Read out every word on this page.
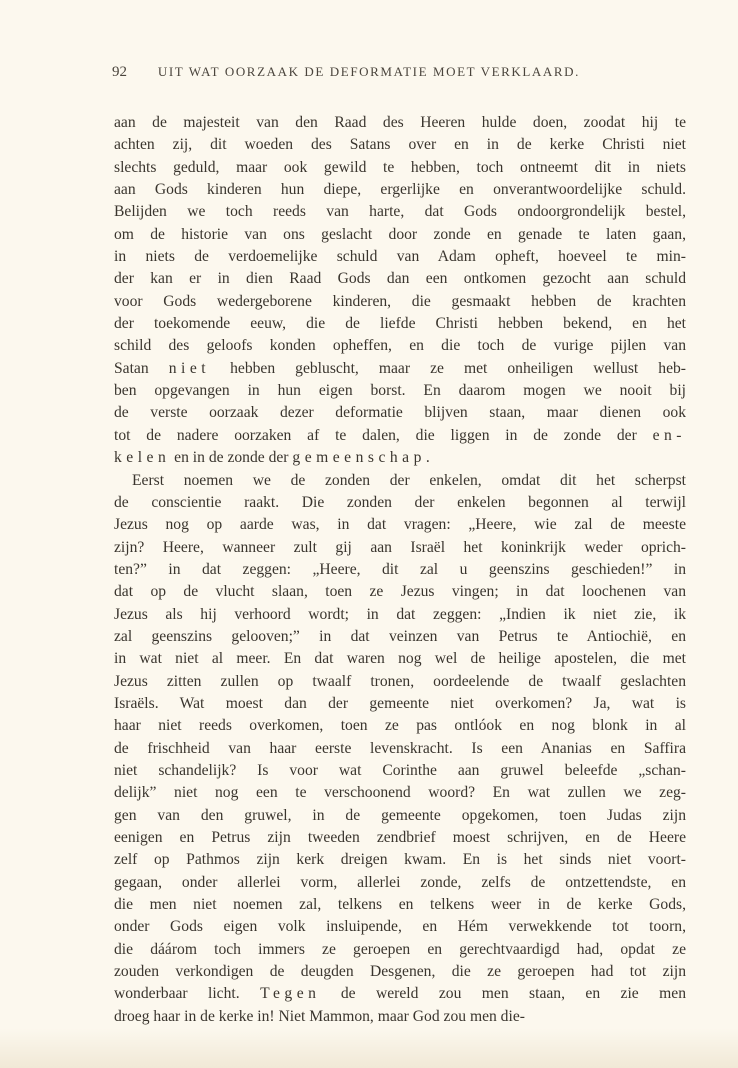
92 UIT WAT OORZAAK DE DEFORMATIE MOET VERKLAARD.
aan de majesteit van den Raad des Heeren hulde doen, zoodat hij te
achten zij, dit woeden des Satans over en in de kerke Christi niet
slechts geduld, maar ook gewild te hebben, toch ontneemt dit in niets
aan Gods kinderen hun diepe, ergerlijke en onverantwoordelijke schuld.
Belijden we toch reeds van harte, dat Gods ondoorgrondelijk bestel,
om de historie van ons geslacht door zonde en genade te laten gaan,
in niets de verdoemelijke schuld van Adam opheft, hoeveel te min-
der kan er in dien Raad Gods dan een ontkomen gezocht aan schuld
voor Gods wedergeborene kinderen, die gesmaakt hebben de krachten
der toekomende eeuw, die de liefde Christi hebben bekend, en het
schild des geloofs konden opheffen, en die toch de vurige pijlen van
Satan niet hebben gebluscht, maar ze met onheiligen wellust heb-
ben opgevangen in hun eigen borst. En daarom mogen we nooit bij
de verste oorzaak dezer deformatie blijven staan, maar dienen ook
tot de nadere oorzaken af te dalen, die liggen in de zonde der en-
kelen en in de zonde der gemeenschap.
Eerst noemen we de zonden der enkelen, omdat dit het scherpst
de conscientie raakt. Die zonden der enkelen begonnen al terwijl
Jezus nog op aarde was, in dat vragen: „Heere, wie zal de meeste
zijn? Heere, wanneer zult gij aan Israël het koninkrijk weder oprich-
ten?” in dat zeggen: „Heere, dit zal u geenszins geschieden!” in
dat op de vlucht slaan, toen ze Jezus vingen; in dat loochenen van
Jezus als hij verhoord wordt; in dat zeggen: „Indien ik niet zie, ik
zal geenszins gelooven;” in dat veinzen van Petrus te Antiochië, en
in wat niet al meer. En dat waren nog wel de heilige apostelen, die met
Jezus zitten zullen op twaalf tronen, oordeelende de twaalf geslachten
Israëls. Wat moest dan der gemeente niet overkomen? Ja, wat is
haar niet reeds overkomen, toen ze pas ontlóok en nog blonk in al
de frischheid van haar eerste levenskracht. Is een Ananias en Saffira
niet schandelijk? Is voor wat Corinthe aan gruwel beleefde „schan-
delijk” niet nog een te verschoonend woord? En wat zullen we zeg-
gen van den gruwel, in de gemeente opgekomen, toen Judas zijn
eenigen en Petrus zijn tweeden zendbrief moest schrijven, en de Heere
zelf op Pathmos zijn kerk dreigen kwam. En is het sinds niet voort-
gegaan, onder allerlei vorm, allerlei zonde, zelfs de ontzettendste, en
die men niet noemen zal, telkens en telkens weer in de kerke Gods,
onder Gods eigen volk insluipende, en Hém verwekkende tot toorn,
die dáárom toch immers ze geroepen en gerechtvaardigd had, opdat ze
zouden verkondigen de deugden Desgenen, die ze geroepen had tot zijn
wonderbaar licht. Tegen de wereld zou men staan, en zie men
droeg haar in de kerke in! Niet Mammon, maar God zou men die-
